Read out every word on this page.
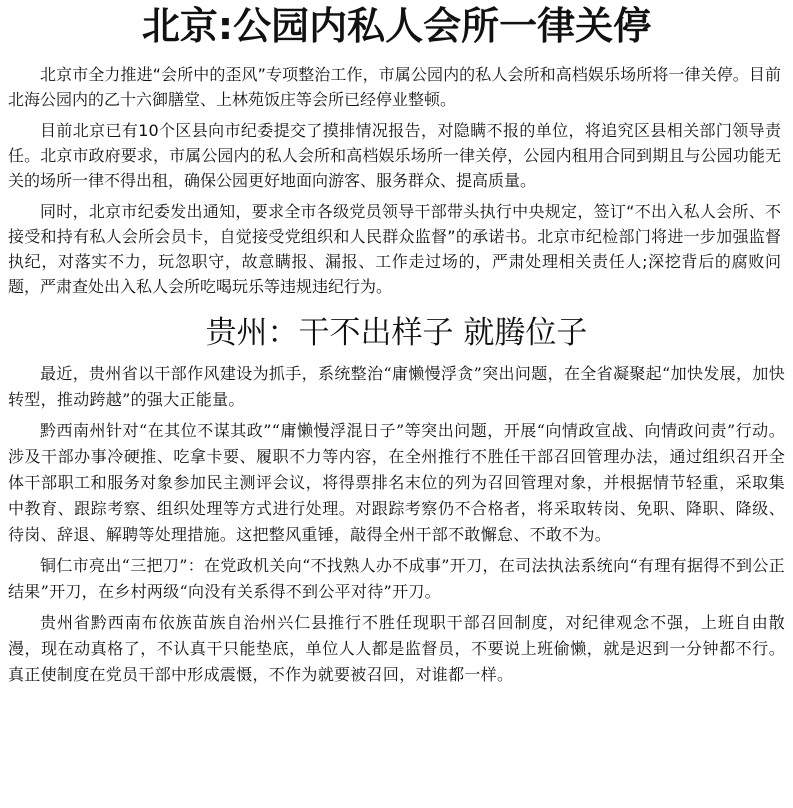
北京:公园内私人会所一律关停

北京市全力推进“会所中的歪风”专项整治工作，市属公园内的私人会所和高档娱乐场所将一律关停。目前北海公园内的乙十六御膳堂、上林苑饭庄等会所已经停业整顿。

目前北京已有10个区县向市纪委提交了摸排情况报告，对隐瞒不报的单位，将追究区县相关部门领导责任。北京市政府要求，市属公园内的私人会所和高档娱乐场所一律关停，公园内租用合同到期且与公园功能无关的场所一律不得出租，确保公园更好地面向游客、服务群众、提高质量。

同时，北京市纪委发出通知，要求全市各级党员领导干部带头执行中央规定，签订“不出入私人会所、不接受和持有私人会所会员卡，自觉接受党组织和人民群众监督”的承诺书。北京市纪检部门将进一步加强监督执纪，对落实不力，玩忽职守，故意瞒报、漏报、工作走过场的，严肃处理相关责任人;深挖背后的腐败问题，严肃查处出入私人会所吃喝玩乐等违规违纪行为。

贵州：干不出样子 就腾位子

最近，贵州省以干部作风建设为抓手，系统整治“庸懒慢浮贪”突出问题，在全省凝聚起“加快发展，加快转型，推动跨越”的强大正能量。

黔西南州针对“在其位不谋其政”“庸懒慢浮混日子”等突出问题，开展“向情政宣战、向情政问责”行动。涉及干部办事冷硬推、吃拿卡要、履职不力等内容，在全州推行不胜任干部召回管理办法，通过组织召开全体干部职工和服务对象参加民主测评会议，将得票排名末位的列为召回管理对象，并根据情节轻重，采取集中教育、跟踪考察、组织处理等方式进行处理。对跟踪考察仍不合格者，将采取转岗、免职、降职、降级、待岗、辞退、解聘等处理措施。这把整风重锤，敲得全州干部不敢懈怠、不敢不为。

铜仁市亮出“三把刀”：在党政机关向“不找熟人办不成事”开刀，在司法执法系统向“有理有据得不到公正结果”开刀，在乡村两级“向没有关系得不到公平对待”开刀。

贵州省黔西南布依族苗族自治州兴仁县推行不胜任现职干部召回制度，对纪律观念不强，上班自由散漫，现在动真格了，不认真干只能垫底，单位人人都是监督员，不要说上班偷懒，就是迟到一分钟都不行。真正使制度在党员干部中形成震慑，不作为就要被召回，对谁都一样。
